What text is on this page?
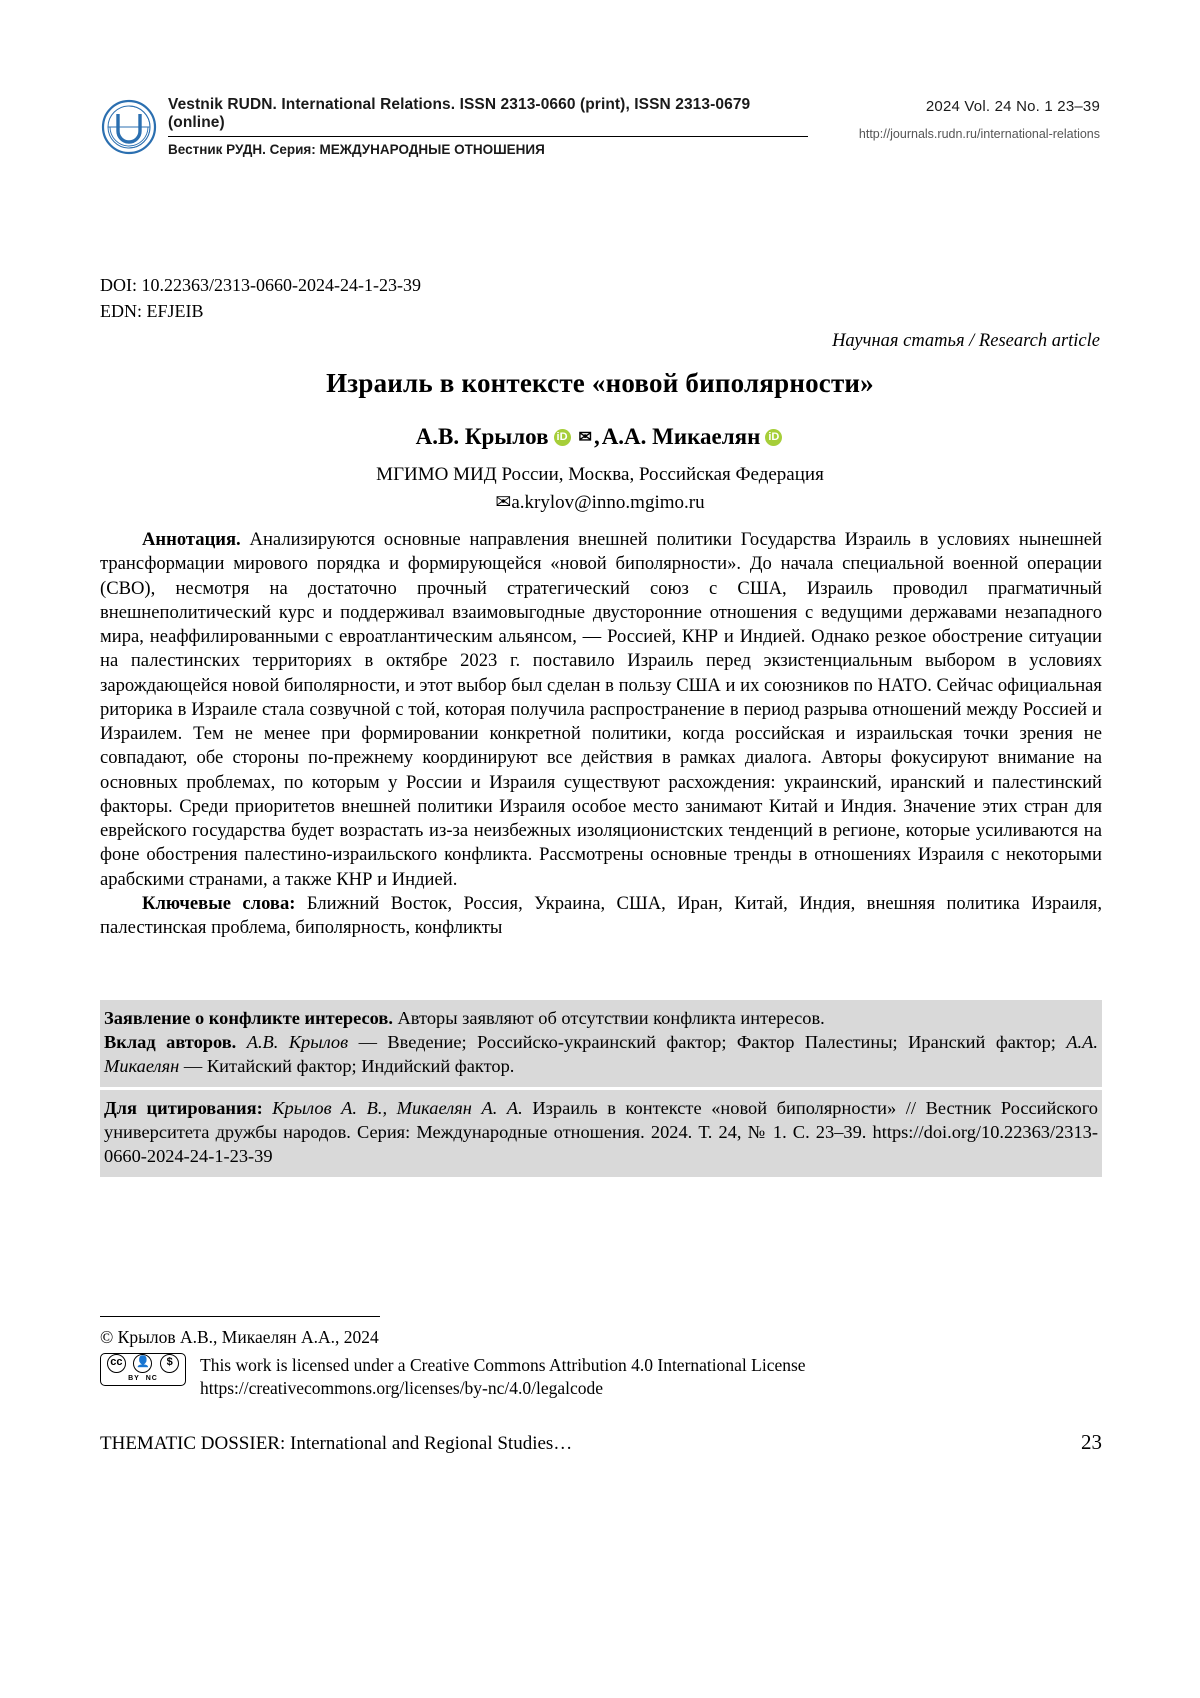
Vestnik RUDN. International Relations. ISSN 2313-0660 (print), ISSN 2313-0679 (online)
Вестник РУДН. Серия: МЕЖДУНАРОДНЫЕ ОТНОШЕНИЯ
2024 Vol. 24 No. 1 23–39
http://journals.rudn.ru/international-relations
DOI: 10.22363/2313-0660-2024-24-1-23-39
EDN: EFJEIB
Научная статья / Research article
Израиль в контексте «новой биполярности»
А.В. Крылов iD ✉ , А.А. Микаелян
iD
МГИМО МИД России, Москва, Российская Федерация
✉a.krylov@inno.mgimo.ru

Аннотация. Анализируются основные направления внешней политики Государства Израиль в условиях нынешней трансформации мирового порядка и формирующейся «новой биполярности». До начала специальной военной операции (СВО), несмотря на достаточно прочный стратегический союз с США, Израиль проводил прагматичный внешнеполитический курс и поддерживал взаимовыгодные двусторонние отношения с ведущими державами незападного мира, неаффилированными с евроатлантическим альянсом, — Россией, КНР и Индией. Однако резкое обострение ситуации на палестинских территориях в октябре 2023 г. поставило Израиль перед экзистенциальным выбором в условиях зарождающейся новой биполярности, и этот выбор был сделан в пользу США и их союзников по НАТО. Сейчас официальная риторика в Израиле стала созвучной с той, которая получила распространение в период разрыва отношений между Россией и Израилем. Тем не менее при формировании конкретной политики, когда российская и израильская точки зрения не совпадают, обе стороны по-прежнему координируют все действия в рамках диалога. Авторы фокусируют внимание на основных проблемах, по которым у России и Израиля существуют расхождения: украинский, иранский и палестинский факторы. Среди приоритетов внешней политики Израиля особое место занимают Китай и Индия. Значение этих стран для еврейского государства будет возрастать из-за неизбежных изоляционистских тенденций в регионе, которые усиливаются на фоне обострения палестино-израильского конфликта. Рассмотрены основные тренды в отношениях Израиля с некоторыми арабскими странами, а также КНР и Индией.

Ключевые слова: Ближний Восток, Россия, Украина, США, Иран, Китай, Индия, внешняя политика Израиля, палестинская проблема, биполярность, конфликты

Заявление о конфликте интересов. Авторы заявляют об отсутствии конфликта интересов.

Вклад авторов. А.В. Крылов — Введение; Российско-украинский фактор; Фактор Палестины; Иранский фактор; А.А. Микаелян — Китайский фактор; Индийский фактор.

Для цитирования: Крылов А. В., Микаелян А. А. Израиль в контексте «новой биполярности» // Вестник Российского университета дружбы народов. Серия: Международные отношения. 2024. Т. 24, № 1. С. 23–39. https://doi.org/10.22363/2313-0660-2024-24-1-23-39

© Крылов А.В., Микаелян А.А., 2024
cc	👤	$
BY  NC
This work is licensed under a Creative Commons Attribution 4.0 International License
https://creativecommons.org/licenses/by-nc/4.0/legalcode
THEMATIC DOSSIER: International and Regional Studies…	23
